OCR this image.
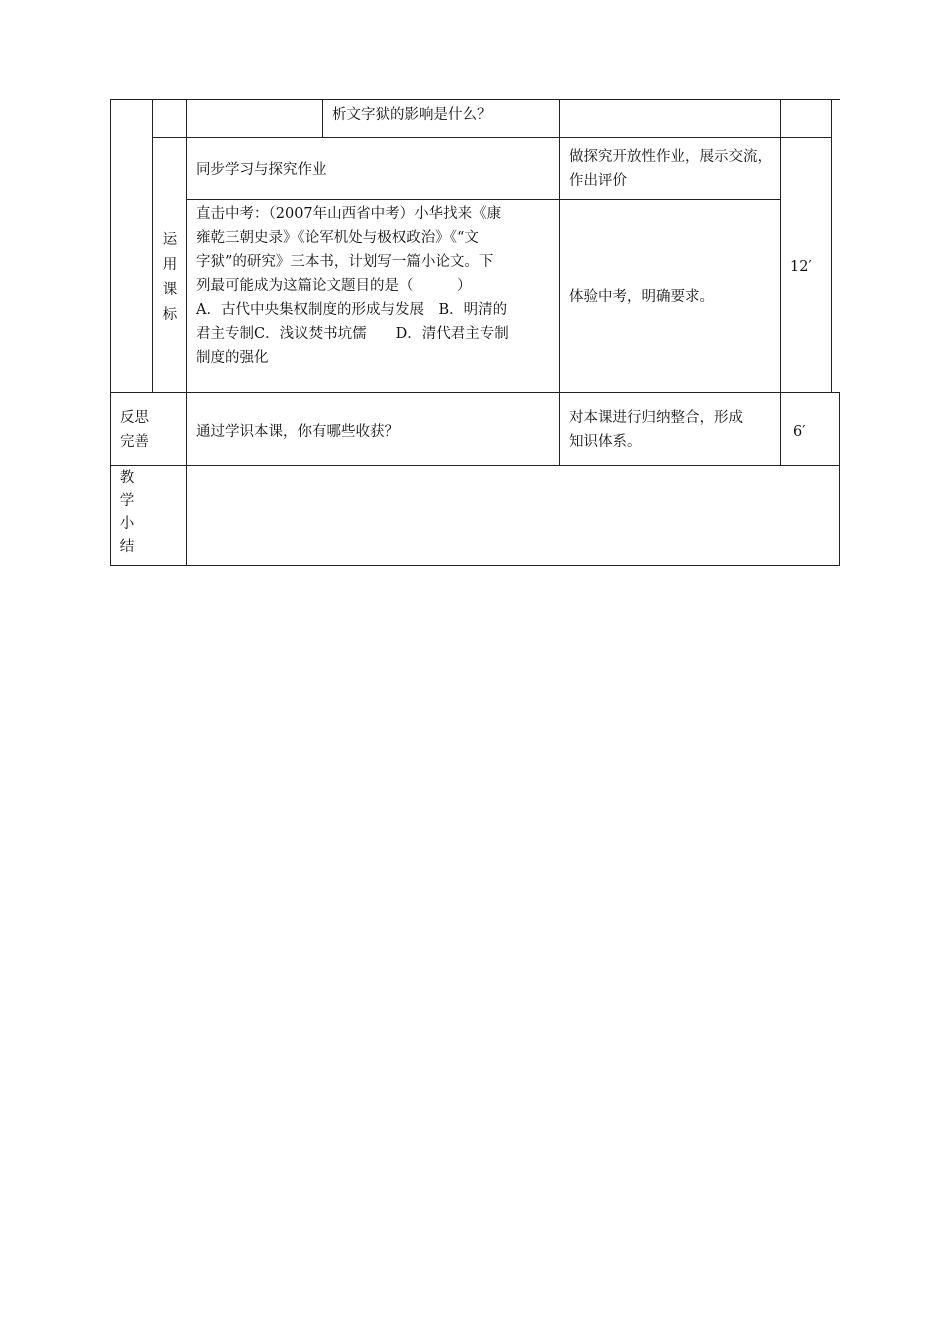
析文字狱的影响是什么？
运用课标
同步学习与探究作业
做探究开放性作业，展示交流，作出评价
直击中考：（2007年山西省中考）小华找来《康
雍乾三朝史录》《论军机处与极权政治》《“文
字狱”的研究》三本书，计划写一篇小论文。下
列最可能成为这篇论文题目的是（　　　）
A．古代中央集权制度的形成与发展　B．明清的
君主专制C．浅议焚书坑儒　　D．清代君主专制
制度的强化
体验中考，明确要求。
12′
反思
完善
通过学识本课，你有哪些收获？
对本课进行归纳整合，形成
知识体系。
6′
教学小结
